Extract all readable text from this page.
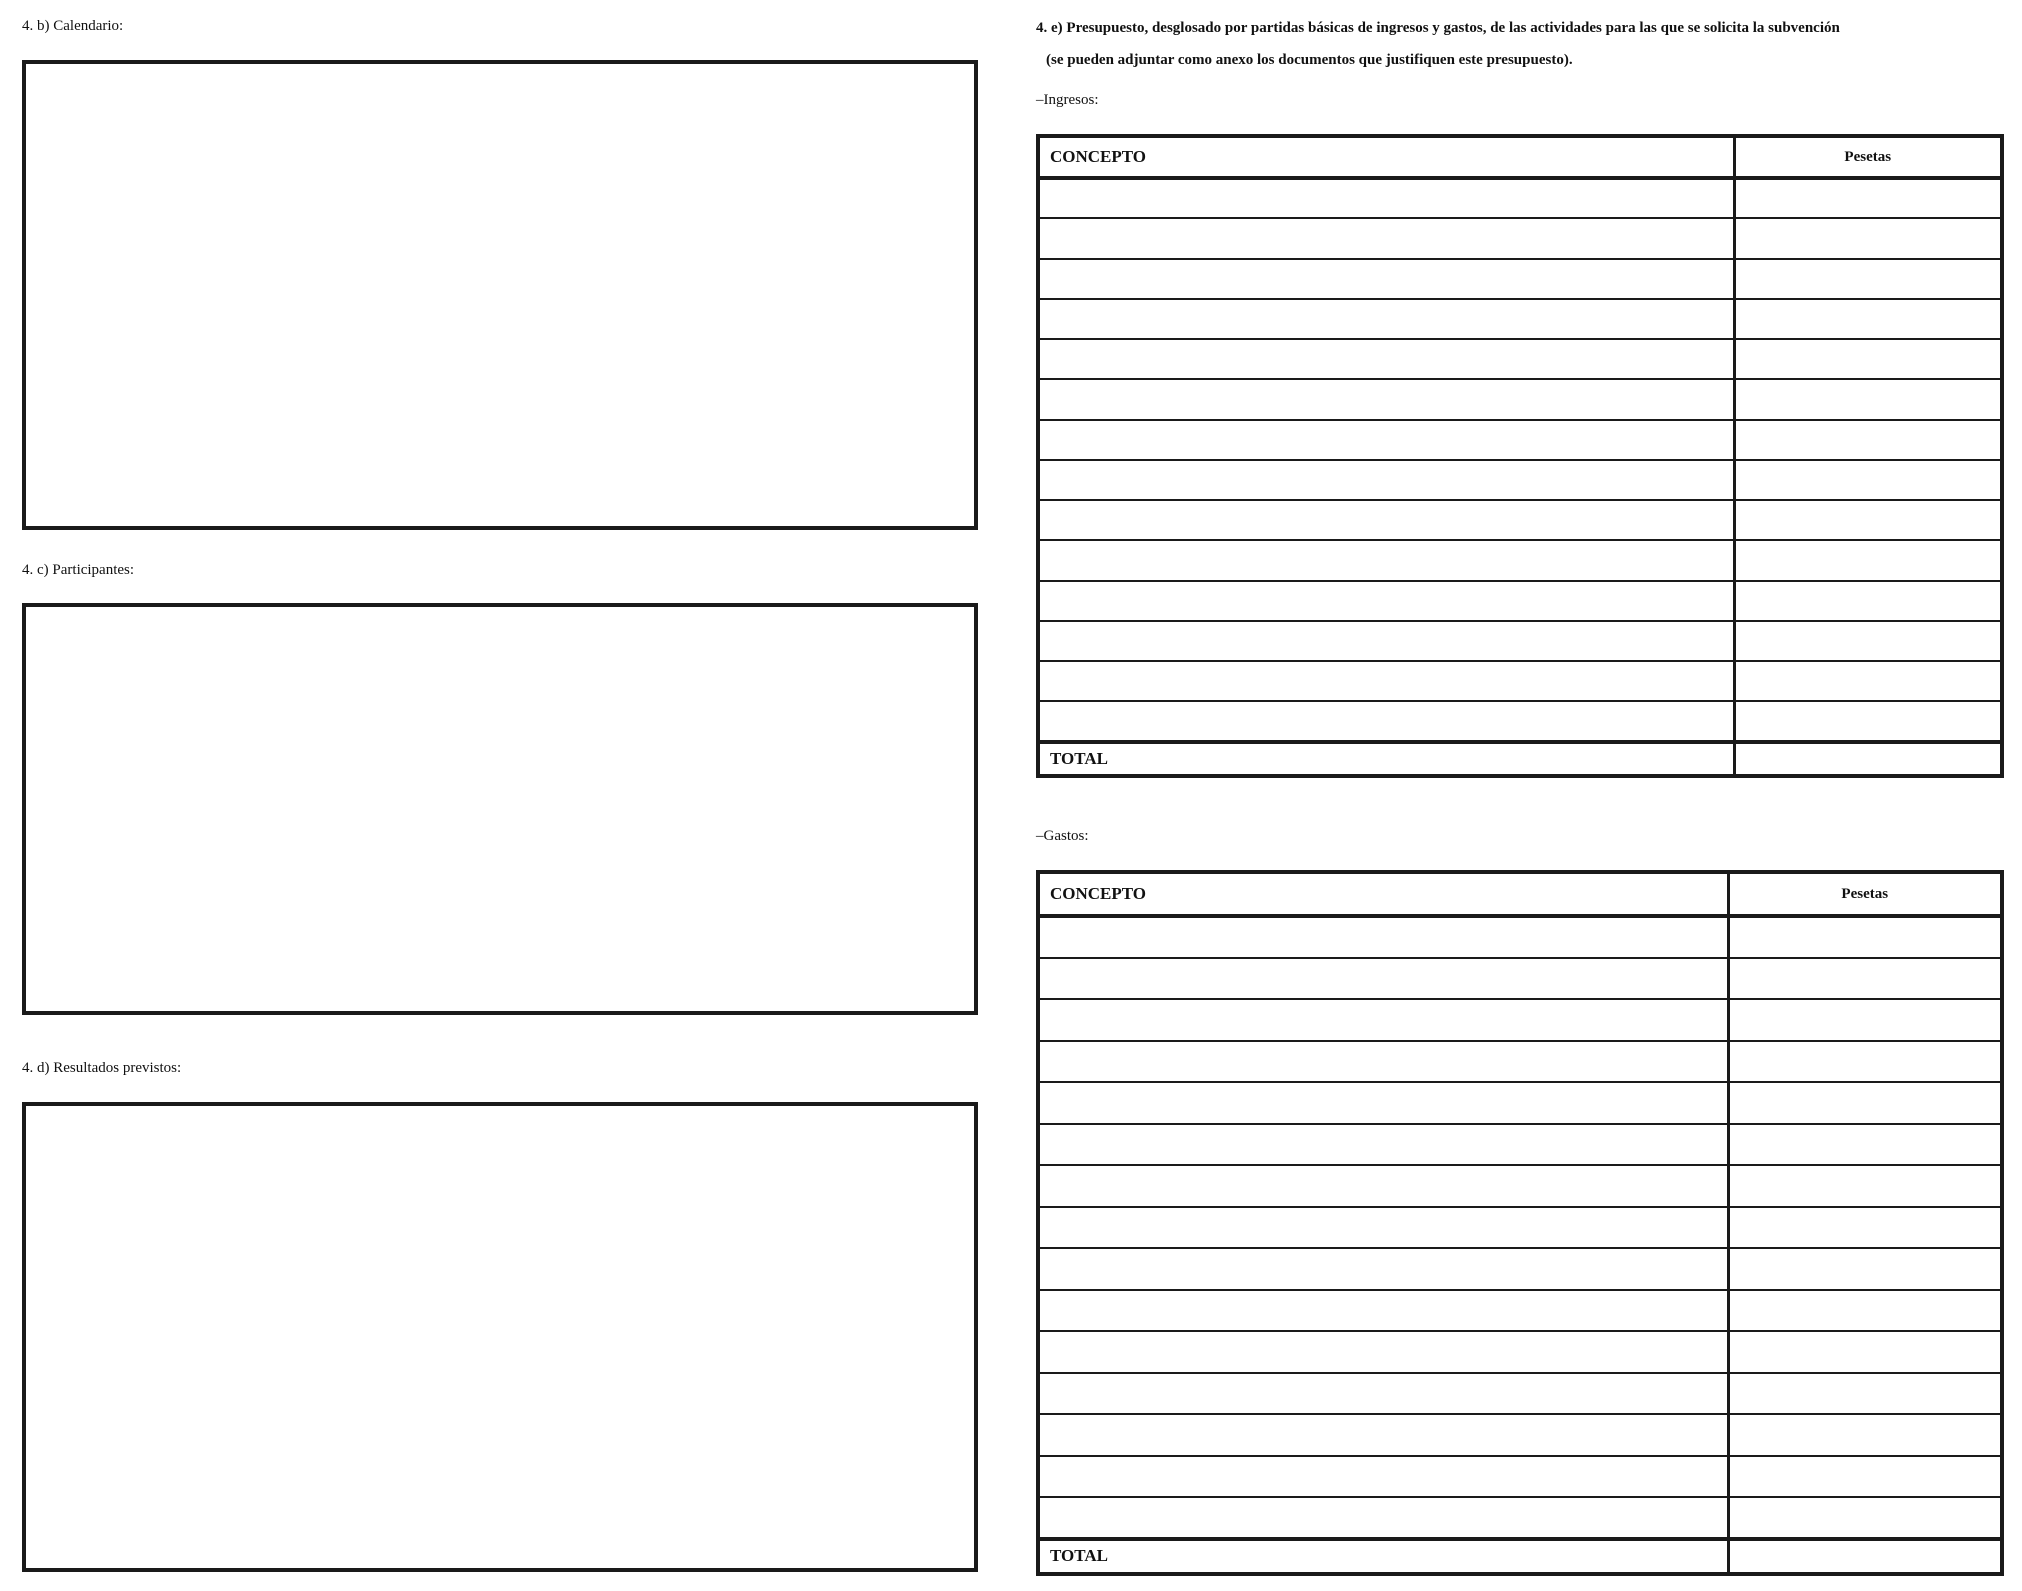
4. b) Calendario:
4. c) Participantes:
4. d) Resultados previstos:
4. e) Presupuesto, desglosado por partidas básicas de ingresos y gastos, de las actividades para las que se solicita la subvención
(se pueden adjuntar como anexo los documentos que justifiquen este presupuesto).
–Ingresos:
CONCEPTO	Pesetas

TOTAL	
–Gastos:
CONCEPTO	Pesetas

TOTAL	
